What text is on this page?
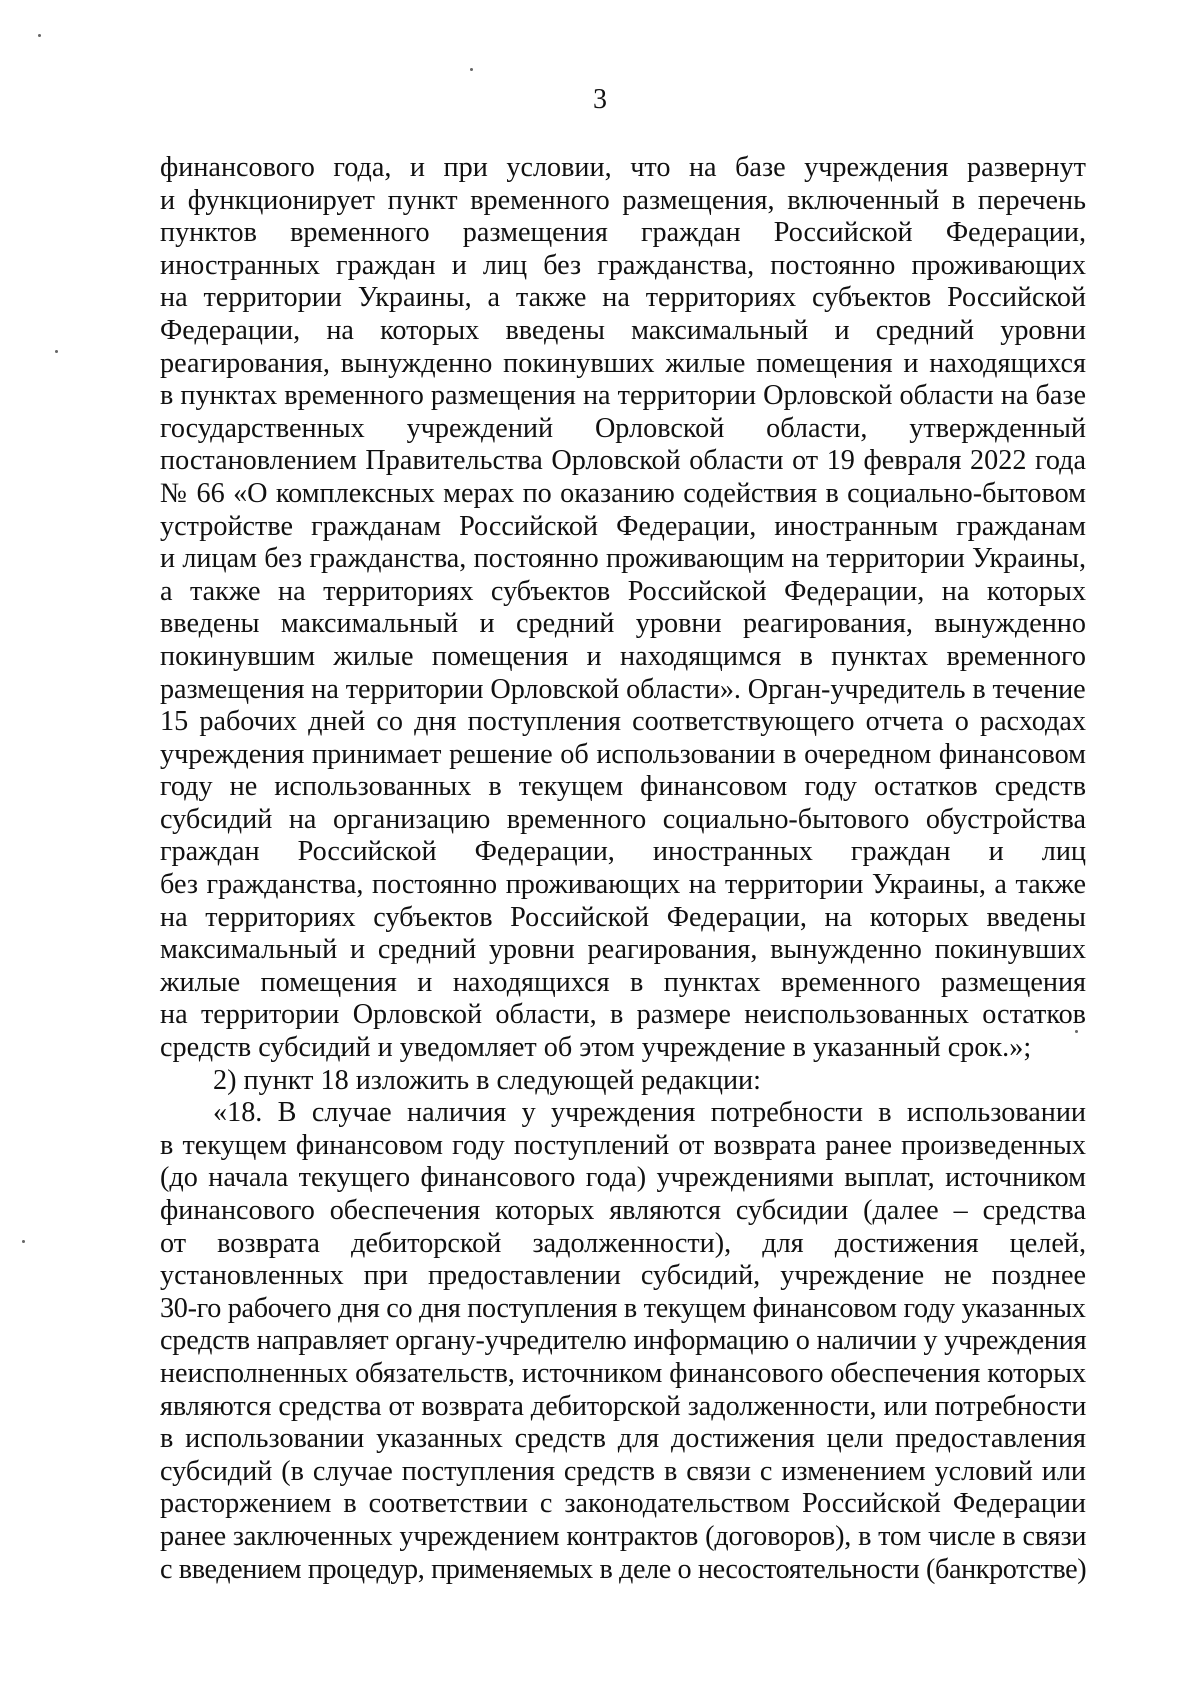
3
финансового года, и при условии, что на базе учреждения развернут
и функционирует пункт временного размещения, включенный в перечень
пунктов временного размещения граждан Российской Федерации,
иностранных граждан и лиц без гражданства, постоянно проживающих
на территории Украины, а также на территориях субъектов Российской
Федерации, на которых введены максимальный и средний уровни
реагирования, вынужденно покинувших жилые помещения и находящихся
в пунктах временного размещения на территории Орловской области на базе
государственных учреждений Орловской области, утвержденный
постановлением Правительства Орловской области от 19 февраля 2022 года
№ 66 «О комплексных мерах по оказанию содействия в социально-бытовом
устройстве гражданам Российской Федерации, иностранным гражданам
и лицам без гражданства, постоянно проживающим на территории Украины,
а также на территориях субъектов Российской Федерации, на которых
введены максимальный и средний уровни реагирования, вынужденно
покинувшим жилые помещения и находящимся в пунктах временного
размещения на территории Орловской области». Орган-учредитель в течение
15 рабочих дней со дня поступления соответствующего отчета о расходах
учреждения принимает решение об использовании в очередном финансовом
году не использованных в текущем финансовом году остатков средств
субсидий на организацию временного социально-бытового обустройства
граждан Российской Федерации, иностранных граждан и лиц
без гражданства, постоянно проживающих на территории Украины, а также
на территориях субъектов Российской Федерации, на которых введены
максимальный и средний уровни реагирования, вынужденно покинувших
жилые помещения и находящихся в пунктах временного размещения
на территории Орловской области, в размере неиспользованных остатков
средств субсидий и уведомляет об этом учреждение в указанный срок.»;
2) пункт 18 изложить в следующей редакции:
«18. В случае наличия у учреждения потребности в использовании
в текущем финансовом году поступлений от возврата ранее произведенных
(до начала текущего финансового года) учреждениями выплат, источником
финансового обеспечения которых являются субсидии (далее – средства
от возврата дебиторской задолженности), для достижения целей,
установленных при предоставлении субсидий, учреждение не позднее
30-го рабочего дня со дня поступления в текущем финансовом году указанных
средств направляет органу-учредителю информацию о наличии у учреждения
неисполненных обязательств, источником финансового обеспечения которых
являются средства от возврата дебиторской задолженности, или потребности
в использовании указанных средств для достижения цели предоставления
субсидий (в случае поступления средств в связи с изменением условий или
расторжением в соответствии с законодательством Российской Федерации
ранее заключенных учреждением контрактов (договоров), в том числе в связи
с введением процедур, применяемых в деле о несостоятельности (банкротстве)
